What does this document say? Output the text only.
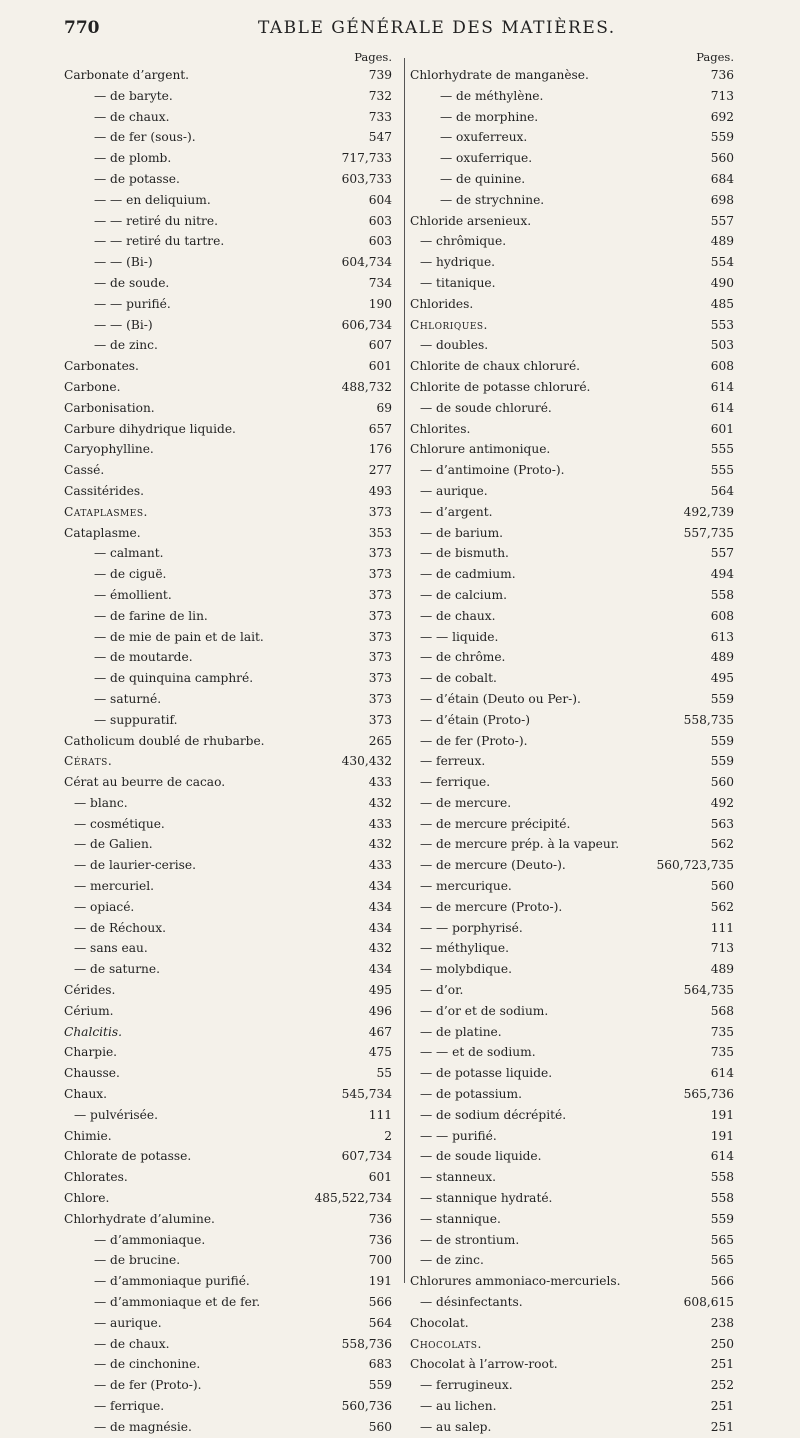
770	TABLE GÉNÉRALE DES MATIÈRES.
Pages.
Carbonate d’argent.	739
— de baryte.	732
— de chaux.	733
— de fer (sous-).	547
— de plomb.	717,733
— de potasse.	603,733
— — en deliquium.	604
— — retiré du nitre.	603
— — retiré du tartre.	603
— — (Bi-)	604,734
— de soude.	734
— — purifié.	190
— — (Bi-)	606,734
— de zinc.	607
Carbonates.	601
Carbone.	488,732
Carbonisation.	69
Carbure dihydrique liquide.	657
Caryophylline.	176
Cassé.	277
Cassitérides.	493
Cataplasmes.	373
Cataplasme.	353
— calmant.	373
— de ciguë.	373
— émollient.	373
— de farine de lin.	373
— de mie de pain et de lait.	373
— de moutarde.	373
— de quinquina camphré.	373
— saturné.	373
— suppuratif.	373
Catholicum doublé de rhubarbe.	265
Cérats.	430,432
Cérat au beurre de cacao.	433
— blanc.	432
— cosmétique.	433
— de Galien.	432
— de laurier-cerise.	433
— mercuriel.	434
— opiacé.	434
— de Réchoux.	434
— sans eau.	432
— de saturne.	434
Cérides.	495
Cérium.	496
Chalcitis.	467
Charpie.	475
Chausse.	55
Chaux.	545,734
— pulvérisée.	111
Chimie.	2
Chlorate de potasse.	607,734
Chlorates.	601
Chlore.	485,522,734
Chlorhydrate d’alumine.	736
— d’ammoniaque.	736
— de brucine.	700
— d’ammoniaque purifié.	191
— d’ammoniaque et de fer.	566
— aurique.	564
— de chaux.	558,736
— de cinchonine.	683
— de fer (Proto-).	559
— ferrique.	560,736
— de magnésie.	560
Pages.
Chlorhydrate de manganèse.	736
— de méthylène.	713
— de morphine.	692
— oxuferreux.	559
— oxuferrique.	560
— de quinine.	684
— de strychnine.	698
Chloride arsenieux.	557
— chrômique.	489
— hydrique.	554
— titanique.	490
Chlorides.	485
Chloriques.	553
— doubles.	503
Chlorite de chaux chloruré.	608
Chlorite de potasse chloruré.	614
— de soude chloruré.	614
Chlorites.	601
Chlorure antimonique.	555
— d’antimoine (Proto-).	555
— aurique.	564
— d’argent.	492,739
— de barium.	557,735
— de bismuth.	557
— de cadmium.	494
— de calcium.	558
— de chaux.	608
— — liquide.	613
— de chrôme.	489
— de cobalt.	495
— d’étain (Deuto ou Per-).	559
— d’étain (Proto-)	558,735
— de fer (Proto-).	559
— ferreux.	559
— ferrique.	560
— de mercure.	492
— de mercure précipité.	563
— de mercure prép. à la vapeur.	562
— de mercure (Deuto-).	560,723,735
— mercurique.	560
— de mercure (Proto-).	562
— — porphyrisé.	111
— méthylique.	713
— molybdique.	489
— d’or.	564,735
— d’or et de sodium.	568
— de platine.	735
— — et de sodium.	735
— de potasse liquide.	614
— de potassium.	565,736
— de sodium décrépité.	191
— — purifié.	191
— de soude liquide.	614
— stanneux.	558
— stannique hydraté.	558
— stannique.	559
— de strontium.	565
— de zinc.	565
Chlorures ammoniaco-mercuriels.	566
— désinfectants.	608,615
Chocolat.	238
Chocolats.	250
Chocolat à l’arrow-root.	251
— ferrugineux.	252
— au lichen.	251
— au salep.	251
